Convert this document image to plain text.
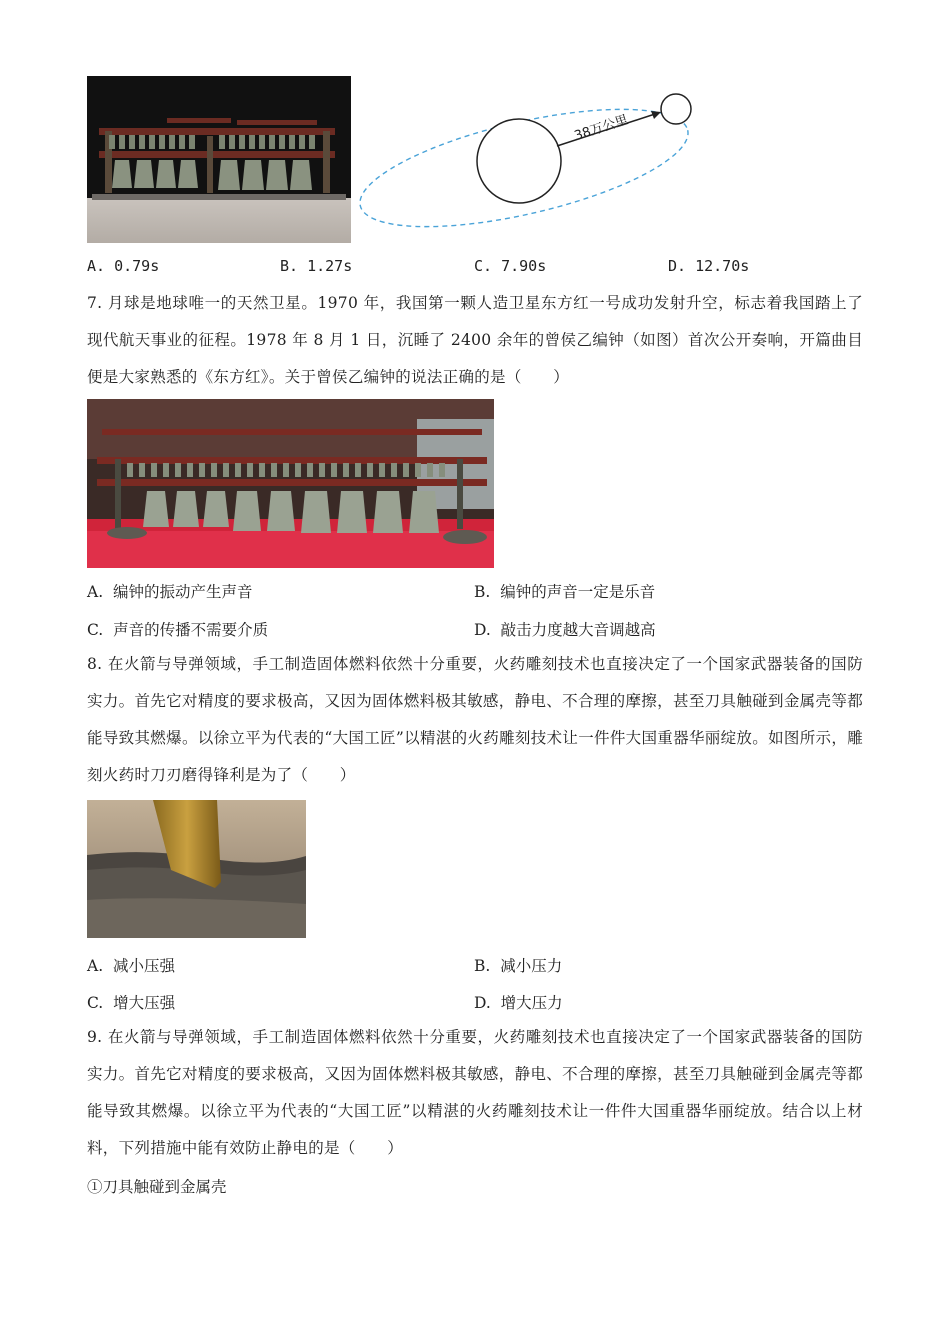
38万公里
A. 0.79s	B. 1.27s	C. 7.90s	D. 12.70s
7. 月球是地球唯一的天然卫星。1970 年，我国第一颗人造卫星东方红一号成功发射升空，标志着我国踏上了现代航天事业的征程。1978 年 8 月 1 日，沉睡了 2400 余年的曾侯乙编钟（如图）首次公开奏响，开篇曲目便是大家熟悉的《东方红》。关于曾侯乙编钟的说法正确的是（　　）
A. 编钟的振动产生声音	B. 编钟的声音一定是乐音
C. 声音的传播不需要介质	D. 敲击力度越大音调越高
8. 在火箭与导弹领域，手工制造固体燃料依然十分重要，火药雕刻技术也直接决定了一个国家武器装备的国防实力。首先它对精度的要求极高，又因为固体燃料极其敏感，静电、不合理的摩擦，甚至刀具触碰到金属壳等都能导致其燃爆。以徐立平为代表的“大国工匠”以精湛的火药雕刻技术让一件件大国重器华丽绽放。如图所示，雕刻火药时刀刃磨得锋利是为了（　　）
A. 减小压强	B. 减小压力
C. 增大压强	D. 增大压力
9. 在火箭与导弹领域，手工制造固体燃料依然十分重要，火药雕刻技术也直接决定了一个国家武器装备的国防实力。首先它对精度的要求极高，又因为固体燃料极其敏感，静电、不合理的摩擦，甚至刀具触碰到金属壳等都能导致其燃爆。以徐立平为代表的“大国工匠”以精湛的火药雕刻技术让一件件大国重器华丽绽放。结合以上材料，下列措施中能有效防止静电的是（　　）
①刀具触碰到金属壳
